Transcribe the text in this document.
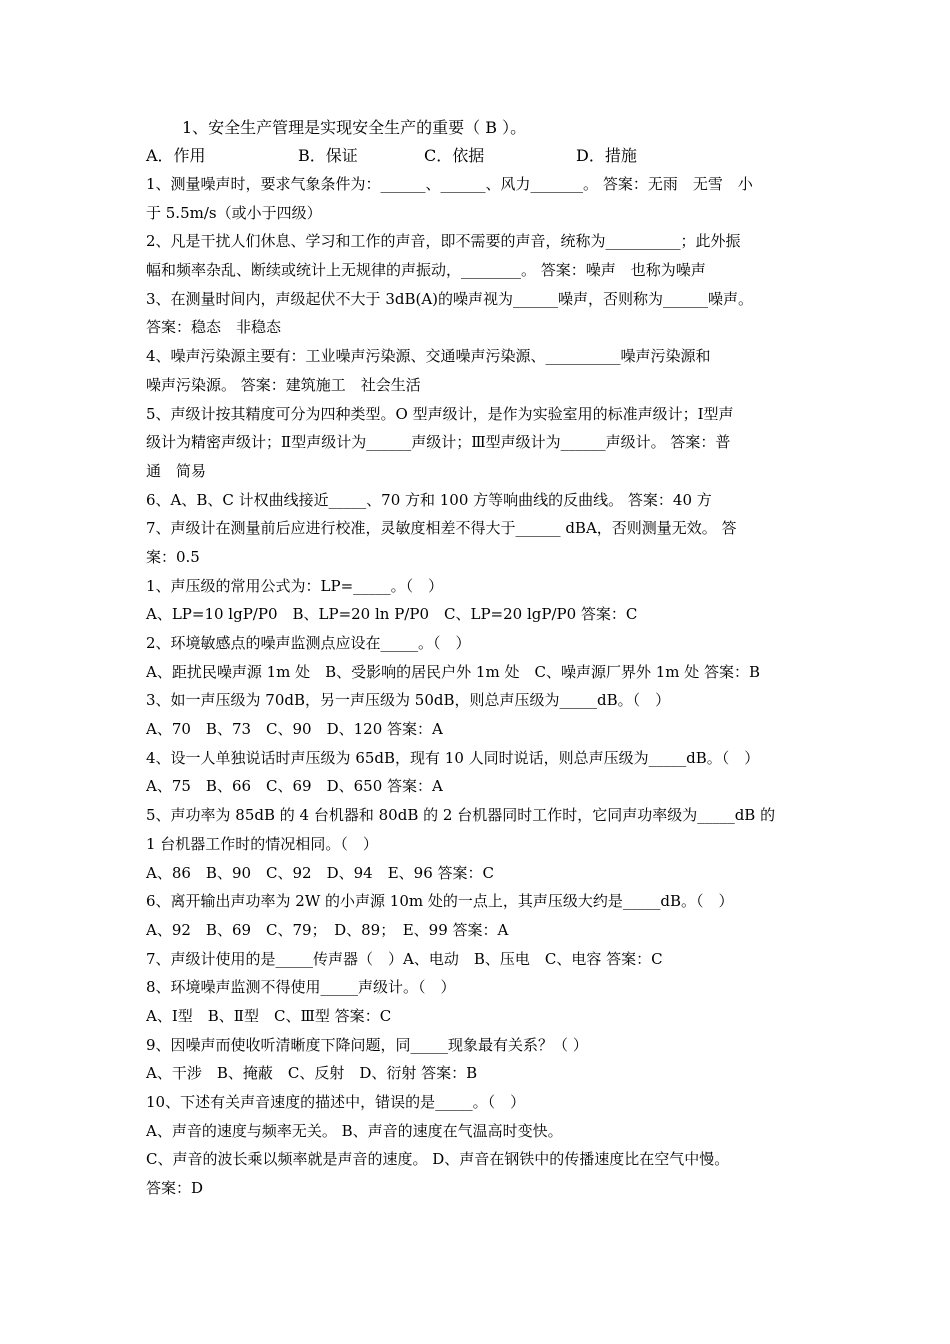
1、安全生产管理是实现安全生产的重要（ B ）。
A．作用	B．保证	C．依据	D．措施
1、测量噪声时，要求气象条件为：______、______、风力_______。 答案：无雨　无雪　小
于 5.5m/s（或小于四级）
2、凡是干扰人们休息、学习和工作的声音，即不需要的声音，统称为__________；此外振
幅和频率杂乱、断续或统计上无规律的声振动，________。 答案：噪声　也称为噪声
3、在测量时间内，声级起伏不大于 3dB(A)的噪声视为______噪声，否则称为______噪声。
答案：稳态　非稳态
4、噪声污染源主要有：工业噪声污染源、交通噪声污染源、__________噪声污染源和
噪声污染源。 答案：建筑施工　社会生活
5、声级计按其精度可分为四种类型。O 型声级计，是作为实验室用的标准声级计；Ⅰ型声
级计为精密声级计；Ⅱ型声级计为______声级计；Ⅲ型声级计为______声级计。 答案：普
通　简易
6、A、B、C 计权曲线接近_____、70 方和 100 方等响曲线的反曲线。 答案：40 方
7、声级计在测量前后应进行校准，灵敏度相差不得大于______ dBA，否则测量无效。 答
案：0.5
1、声压级的常用公式为：LP=_____。（　）
A、LP=10 lgP/P0　B、LP=20 ln P/P0　C、LP=20 lgP/P0 答案：C
2、环境敏感点的噪声监测点应设在_____。（　）
A、距扰民噪声源 1m 处　B、受影响的居民户外 1m 处　C、噪声源厂界外 1m 处 答案：B
3、如一声压级为 70dB，另一声压级为 50dB，则总声压级为_____dB。（　）
A、70　B、73　C、90　D、120 答案：A
4、设一人单独说话时声压级为 65dB，现有 10 人同时说话，则总声压级为_____dB。（　）
A、75　B、66　C、69　D、650 答案：A
5、声功率为 85dB 的 4 台机器和 80dB 的 2 台机器同时工作时，它同声功率级为_____dB 的
1 台机器工作时的情况相同。（　）
A、86　B、90　C、92　D、94　E、96 答案：C
6、离开输出声功率为 2W 的小声源 10m 处的一点上，其声压级大约是_____dB。（　）
A、92　B、69　C、79；　D、89；　E、99 答案：A
7、声级计使用的是_____传声器（　）A、电动　B、压电　C、电容 答案：C
8、环境噪声监测不得使用_____声级计。（　）
A、Ⅰ型　B、Ⅱ型　C、Ⅲ型 答案：C
9、因噪声而使收听清晰度下降问题，同_____现象最有关系？（ ）
A、干涉　B、掩蔽　C、反射　D、衍射 答案：B
10、下述有关声音速度的描述中，错误的是_____。（　）
A、声音的速度与频率无关。 B、声音的速度在气温高时变快。
C、声音的波长乘以频率就是声音的速度。 D、声音在钢铁中的传播速度比在空气中慢。
答案：D
